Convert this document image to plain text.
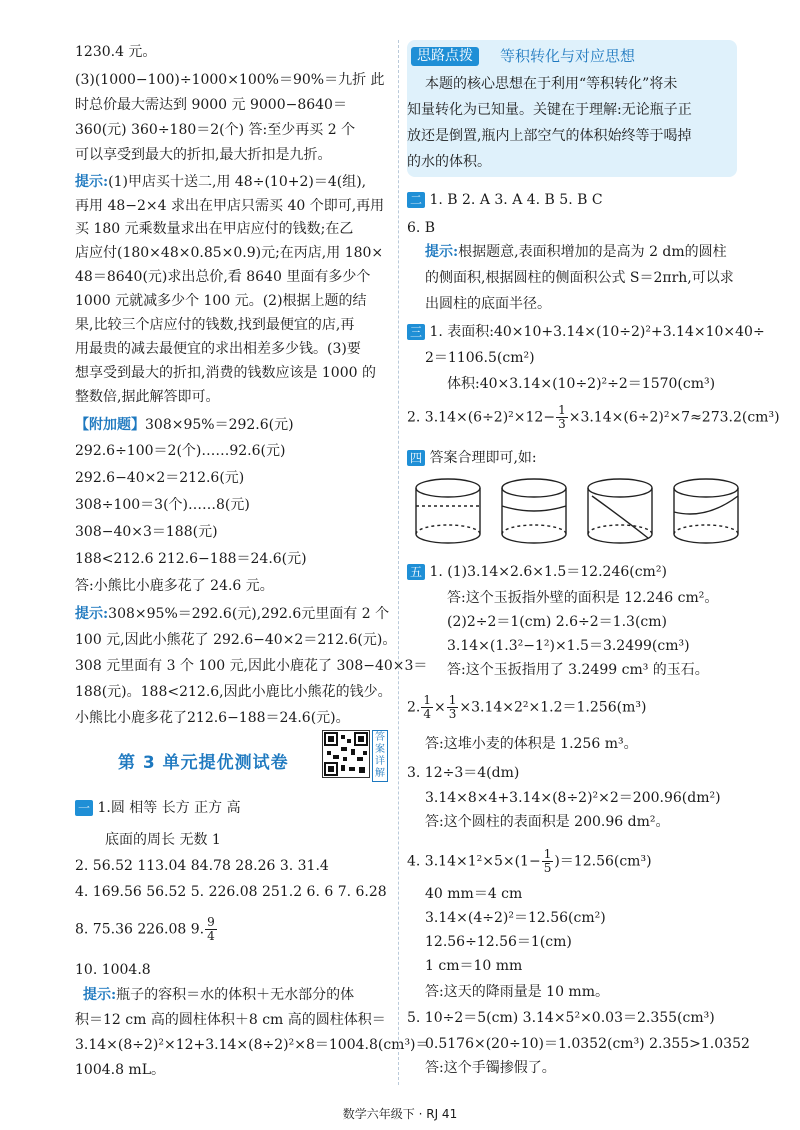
1230.4 元。
(3)(1000−100)÷1000×100%＝90%＝九折 此
时总价最大需达到 9000 元 9000−8640＝
360(元) 360÷180＝2(个) 答:至少再买 2 个
可以享受到最大的折扣,最大折扣是九折。
提示:(1)甲店买十送二,用 48÷(10+2)＝4(组),
再用 48−2×4 求出在甲店只需买 40 个即可,再用
买 180 元乘数量求出在甲店应付的钱数;在乙
店应付(180×48×0.85×0.9)元;在丙店,用 180×
48＝8640(元)求出总价,看 8640 里面有多少个
1000 元就减多少个 100 元。(2)根据上题的结
果,比较三个店应付的钱数,找到最便宜的店,再
用最贵的减去最便宜的求出相差多少钱。(3)要
想享受到最大的折扣,消费的钱数应该是 1000 的
整数倍,据此解答即可。
【附加题】308×95%＝292.6(元)
292.6÷100＝2(个)……92.6(元)
292.6−40×2＝212.6(元)
308÷100＝3(个)……8(元)
308−40×3＝188(元)
188<212.6 212.6−188＝24.6(元)
答:小熊比小鹿多花了 24.6 元。
提示:308×95%＝292.6(元),292.6元里面有 2 个
100 元,因此小熊花了 292.6−40×2＝212.6(元)。
308 元里面有 3 个 100 元,因此小鹿花了 308−40×3＝
188(元)。188<212.6,因此小鹿比小熊花的钱少。
小熊比小鹿多花了212.6−188＝24.6(元)。
第 3 单元提优测试卷
答案详解
一 1.圆 相等 长方 正方 高
底面的周长 无数 1
2. 56.52 113.04 84.78 28.26 3. 31.4
4. 169.56 56.52 5. 226.08 251.2 6. 6 7. 6.28
8. 75.36 226.08 9. $\frac{9}{4}$
10. 1004.8
提示:瓶子的容积＝水的体积＋无水部分的体
积＝12 cm 高的圆柱体积＋8 cm 高的圆柱体积＝
3.14×(8÷2)²×12+3.14×(8÷2)²×8＝1004.8(cm³)＝
1004.8 mL。
思路点拨	等积转化与对应思想
本题的核心思想在于利用“等积转化”将未
知量转化为已知量。关键在于理解:无论瓶子正
放还是倒置,瓶内上部空气的体积始终等于喝掉
的水的体积。
二 1. B 2. A 3. A 4. B 5. B C
6. B
提示:根据题意,表面积增加的是高为 2 dm的圆柱
的侧面积,根据圆柱的侧面积公式 S＝2πrh,可以求
出圆柱的底面半径。
三 1. 表面积:40×10+3.14×(10÷2)²+3.14×10×40÷
2＝1106.5(cm²)
体积:40×3.14×(10÷2)²÷2＝1570(cm³)
2. $3.14\times(6\div 2)^2\times 12- \frac{1}{3} \times 3.14\times(6\div 2)^2\times 7\approx 273.2(cm^3)$
四 答案合理即可,如:
五 1. (1)3.14×2.6×1.5＝12.246(cm²)
答:这个玉扳指外壁的面积是 12.246 cm²。
(2)2÷2＝1(cm) 2.6÷2＝1.3(cm)
3.14×(1.3²−1²)×1.5＝3.2499(cm³)
答:这个玉扳指用了 3.2499 cm³ 的玉石。
2. $\frac{1}{4} \times \frac{1}{3} \times 3.14\times 2^2\times 1.2=1.256(m^3)$
答:这堆小麦的体积是 1.256 m³。
3. 12÷3＝4(dm)
3.14×8×4+3.14×(8÷2)²×2＝200.96(dm²)
答:这个圆柱的表面积是 200.96 dm²。
4. $3.14\times 1^2\times 5\times(1- \frac{1}{5} )=12.56(cm^3)$
40 mm＝4 cm
3.14×(4÷2)²＝12.56(cm²)
12.56÷12.56＝1(cm)
1 cm＝10 mm
答:这天的降雨量是 10 mm。
5. 10÷2＝5(cm) 3.14×5²×0.03＝2.355(cm³)
0.5176×(20÷10)＝1.0352(cm³) 2.355>1.0352
答:这个手镯掺假了。
数学六年级下 · RJ 41
